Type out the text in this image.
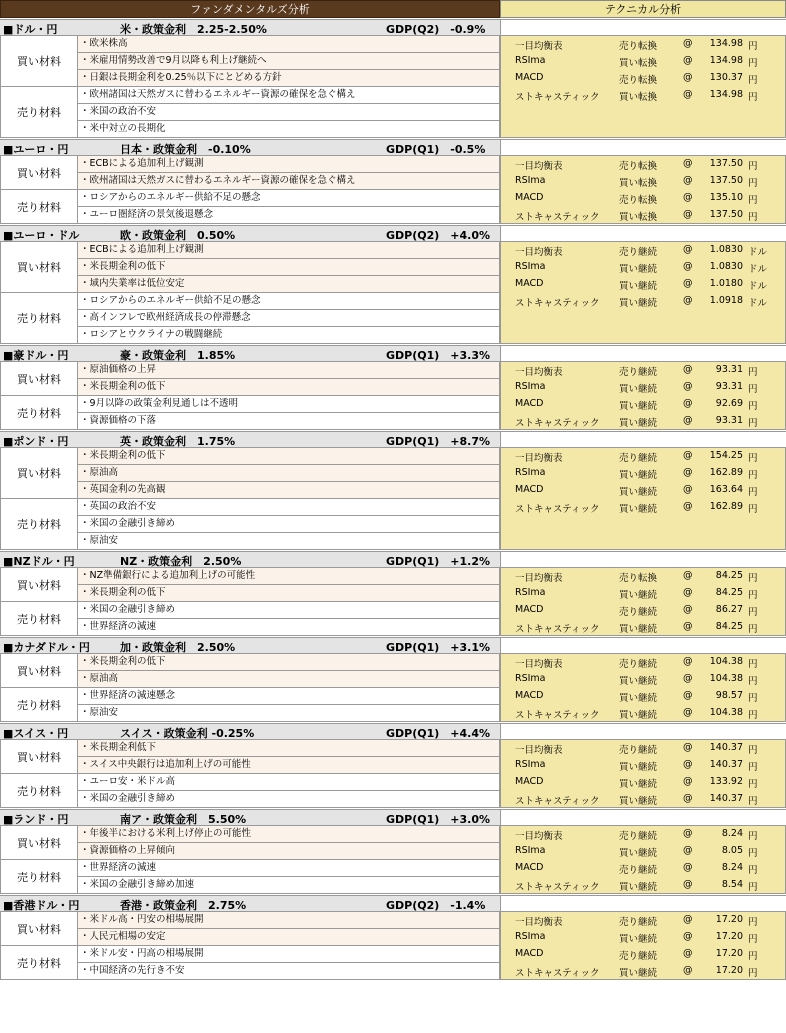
ファンダメンタルズ分析	テクニカル分析
■ドル・円	米・政策金利　2.25-2.50%	GDP(Q2)　-0.9%
買い材料
・欧米株高
・米雇用情勢改善で9月以降も利上げ継続へ
・日銀は長期金利を0.25％以下にとどめる方針
売り材料
・欧州諸国は天然ガスに替わるエネルギー資源の確保を急ぐ構え
・米国の政治不安
・米中対立の長期化
一目均衡表	売り転換	@ 134.98 円
RSIma	買い転換	@ 134.98 円
MACD	売り転換	@ 130.37 円
ストキャスティック 買い転換	@ 134.98 円
■ユーロ・円	日本・政策金利　-0.10%	GDP(Q1)　-0.5%
買い材料
・ECBによる追加利上げ観測
・欧州諸国は天然ガスに替わるエネルギー資源の確保を急ぐ構え
売り材料
・ロシアからのエネルギー供給不足の懸念
・ユーロ圏経済の景気後退懸念
一目均衡表	売り転換	@ 137.50 円
RSIma	買い転換	@ 137.50 円
MACD	売り転換	@ 135.10 円
ストキャスティック 買い転換	@ 137.50 円
■ユーロ・ドル	欧・政策金利　0.50%	GDP(Q2)　+4.0%
買い材料
・ECBによる追加利上げ観測
・米長期金利の低下
・域内失業率は低位安定
売り材料
・ロシアからのエネルギー供給不足の懸念
・高インフレで欧州経済成長の停滞懸念
・ロシアとウクライナの戦闘継続
一目均衡表	売り継続	@ 1.0830 ドル
RSIma	買い継続	@ 1.0830 ドル
MACD	買い継続	@ 1.0180 ドル
ストキャスティック 買い継続	@ 1.0918 ドル
■豪ドル・円	豪・政策金利　1.85%	GDP(Q1)　+3.3%
買い材料
・原油価格の上昇
・米長期金利の低下
売り材料
・9月以降の政策金利見通しは不透明
・資源価格の下落
一目均衡表	売り継続	@ 93.31 円
RSIma	買い継続	@ 93.31 円
MACD	買い継続	@ 92.69 円
ストキャスティック 買い継続	@ 93.31 円
■ポンド・円	英・政策金利　1.75%	GDP(Q1)　+8.7%
買い材料
・米長期金利の低下
・原油高
・英国金利の先高観
売り材料
・英国の政治不安
・米国の金融引き締め
・原油安
一目均衡表	売り継続	@ 154.25 円
RSIma	買い継続	@ 162.89 円
MACD	買い継続	@ 163.64 円
ストキャスティック 買い継続	@ 162.89 円
■NZドル・円	NZ・政策金利　2.50%	GDP(Q1)　+1.2%
買い材料
・NZ準備銀行による追加利上げの可能性
・米長期金利の低下
売り材料
・米国の金融引き締め
・世界経済の減速
一目均衡表	売り転換	@ 84.25 円
RSIma	買い継続	@ 84.25 円
MACD	売り継続	@ 86.27 円
ストキャスティック 買い継続	@ 84.25 円
■カナダドル・円	加・政策金利　2.50%	GDP(Q1)　+3.1%
買い材料
・米長期金利の低下
・原油高
売り材料
・世界経済の減速懸念
・原油安
一目均衡表	売り継続	@ 104.38 円
RSIma	買い継続	@ 104.38 円
MACD	買い継続	@ 98.57 円
ストキャスティック 買い継続	@ 104.38 円
■スイス・円	スイス・政策金利 -0.25%	GDP(Q1)　+4.4%
買い材料
・米長期金利低下
・スイス中央銀行は追加利上げの可能性
売り材料
・ユーロ安・米ドル高
・米国の金融引き締め
一目均衡表	売り継続	@ 140.37 円
RSIma	買い継続	@ 140.37 円
MACD	買い継続	@ 133.92 円
ストキャスティック 買い継続	@ 140.37 円
■ランド・円	南ア・政策金利　5.50%	GDP(Q1)　+3.0%
買い材料
・年後半における米利上げ停止の可能性
・資源価格の上昇傾向
売り材料
・世界経済の減速
・米国の金融引き締め加速
一目均衡表	売り継続	@	8.24 円
RSIma	買い継続	@	8.05 円
MACD	売り継続	@	8.24 円
ストキャスティック 買い継続	@	8.54 円
■香港ドル・円	香港・政策金利　2.75%	GDP(Q2)　-1.4%
買い材料
・米ドル高・円安の相場展開
・人民元相場の安定
売り材料
・米ドル安・円高の相場展開
・中国経済の先行き不安
一目均衡表	売り継続	@ 17.20 円
RSIma	買い継続	@ 17.20 円
MACD	売り継続	@ 17.20 円
ストキャスティック 買い継続	@ 17.20 円
